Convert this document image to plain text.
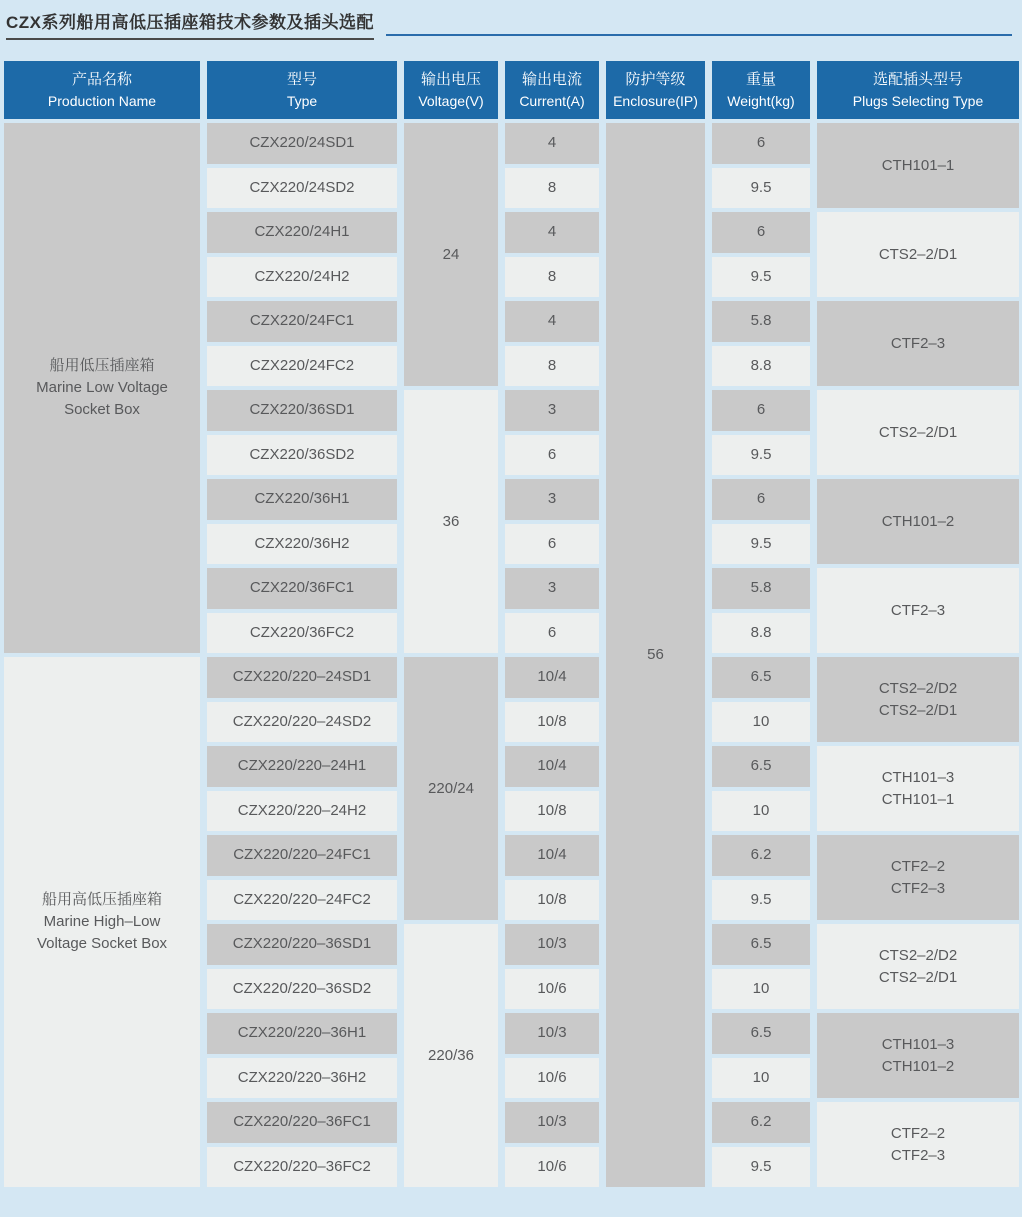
CZX系列船用高低压插座箱技术参数及插头选配
产品名称
Production Name
型号
Type
输出电压
Voltage(V)
输出电流
Current(A)
防护等级
Enclosure(IP)
重量
Weight(kg)
选配插头型号
Plugs Selecting Type
船用低压插座箱
Marine Low Voltage
Socket Box
船用高低压插座箱
Marine High–Low
Voltage Socket Box
CZX220/24SD1
CZX220/24SD2
CZX220/24H1
CZX220/24H2
CZX220/24FC1
CZX220/24FC2
CZX220/36SD1
CZX220/36SD2
CZX220/36H1
CZX220/36H2
CZX220/36FC1
CZX220/36FC2
CZX220/220–24SD1
CZX220/220–24SD2
CZX220/220–24H1
CZX220/220–24H2
CZX220/220–24FC1
CZX220/220–24FC2
CZX220/220–36SD1
CZX220/220–36SD2
CZX220/220–36H1
CZX220/220–36H2
CZX220/220–36FC1
CZX220/220–36FC2
24
36
220/24
220/36
4
8
4
8
4
8
3
6
3
6
3
6
10/4
10/8
10/4
10/8
10/4
10/8
10/3
10/6
10/3
10/6
10/3
10/6
56
6
9.5
6
9.5
5.8
8.8
6
9.5
6
9.5
5.8
8.8
6.5
10
6.5
10
6.2
9.5
6.5
10
6.5
10
6.2
9.5
CTH101–1
CTS2–2/D1
CTF2–3
CTS2–2/D1
CTH101–2
CTF2–3
CTS2–2/D2
CTS2–2/D1
CTH101–3
CTH101–1
CTF2–2
CTF2–3
CTS2–2/D2
CTS2–2/D1
CTH101–3
CTH101–2
CTF2–2
CTF2–3
